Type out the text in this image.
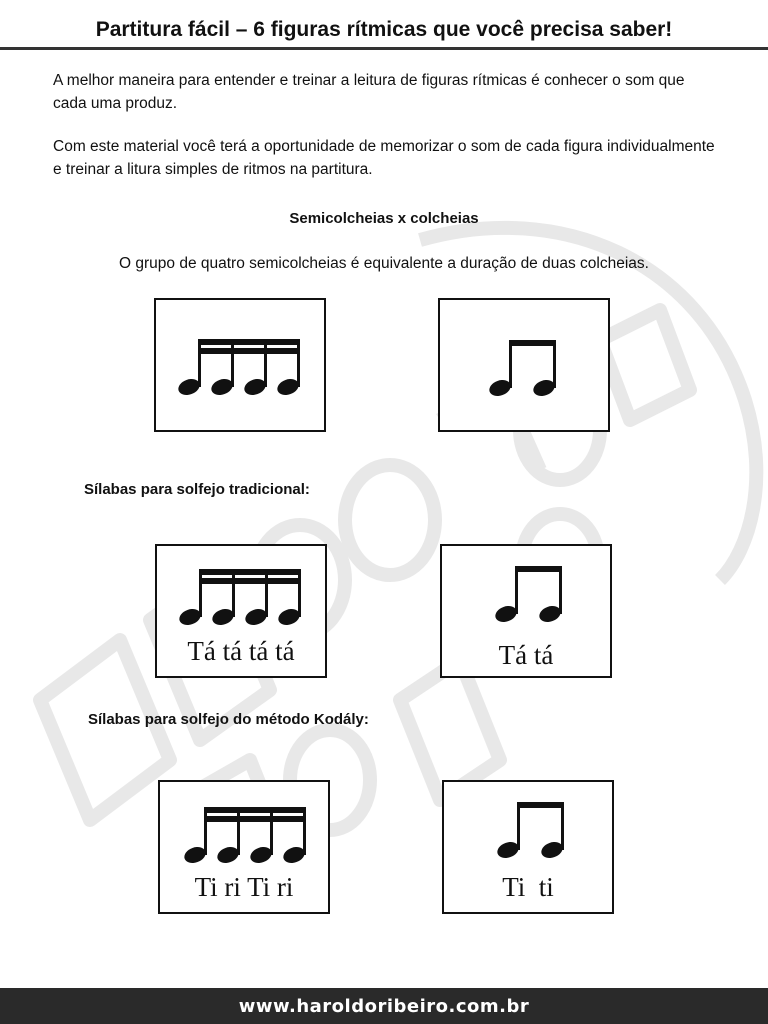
Partitura fácil – 6 figuras rítmicas que você precisa saber!
A melhor maneira para entender e treinar a leitura de figuras rítmicas é conhecer o som que cada uma produz.
Com este material você terá a oportunidade de memorizar o som de cada figura individualmente e treinar a litura simples de ritmos na partitura.
Semicolcheias x colcheias
O grupo de quatro semicolcheias é equivalente a duração de duas colcheias.
Sílabas para solfejo tradicional:
Tá tá tá tá	Tá tá
Sílabas para solfejo do método Kodály:
Ti ri Ti ri	Ti  ti
www.haroldoribeiro.com.br
